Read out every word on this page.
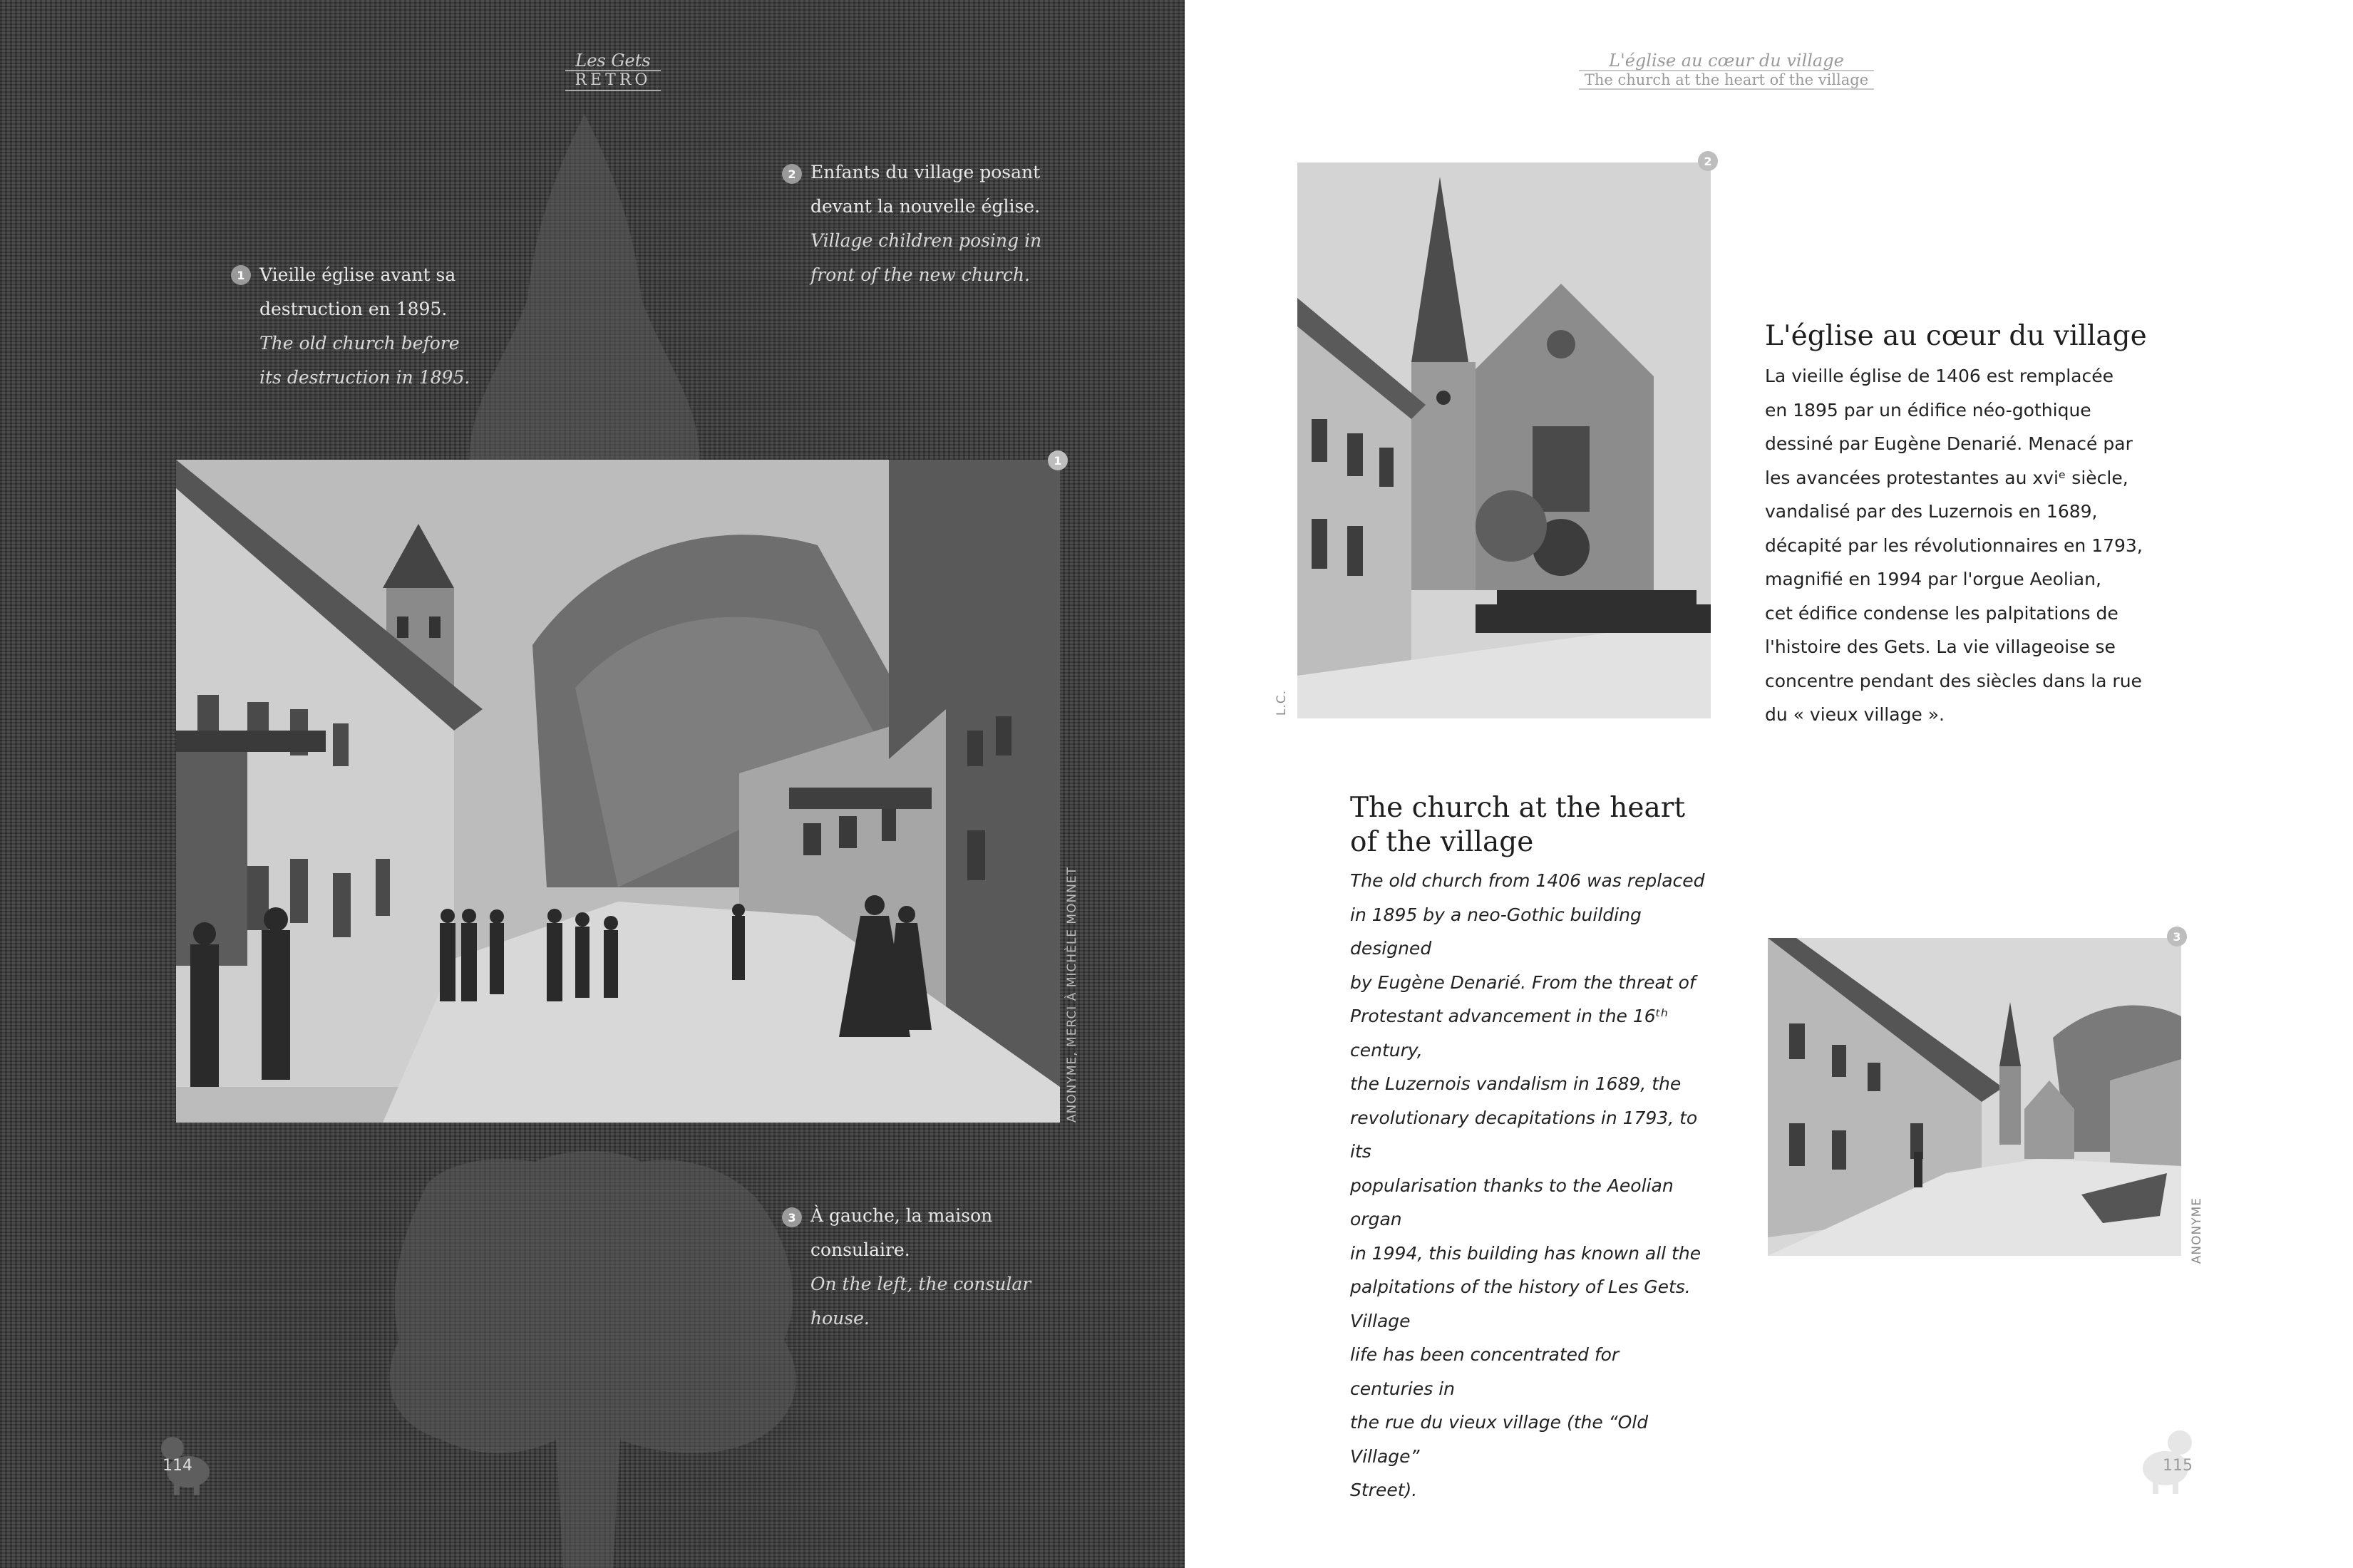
Les Gets
RETRO
1 Vieille église avant sa
destruction en 1895.
The old church before
its destruction in 1895.
2 Enfants du village posant
devant la nouvelle église.
Village children posing in
front of the new church.
1
ANONYME, MERCI À MICHÈLE MONNET
3 À gauche, la maison
consulaire.
On the left, the consular
house.
114
L'église au cœur du village
The church at the heart of the village
2
L.C.
L'église au cœur du village
La vieille église de 1406 est remplacée
en 1895 par un édifice néo-gothique
dessiné par Eugène Denarié. Menacé par
les avancées protestantes au xviᵉ siècle,
vandalisé par des Luzernois en 1689,
décapité par les révolutionnaires en 1793,
magnifié en 1994 par l'orgue Aeolian,
cet édifice condense les palpitations de
l'histoire des Gets. La vie villageoise se
concentre pendant des siècles dans la rue
du « vieux village ».
The church at the heart
of the village
The old church from 1406 was replaced
in 1895 by a neo-Gothic building designed
by Eugène Denarié. From the threat of
Protestant advancement in the 16ᵗʰ century,
the Luzernois vandalism in 1689, the
revolutionary decapitations in 1793, to its
popularisation thanks to the Aeolian organ
in 1994, this building has known all the
palpitations of the history of Les Gets. Village
life has been concentrated for centuries in
the rue du vieux village (the “Old Village”
Street).
3
ANONYME
115
